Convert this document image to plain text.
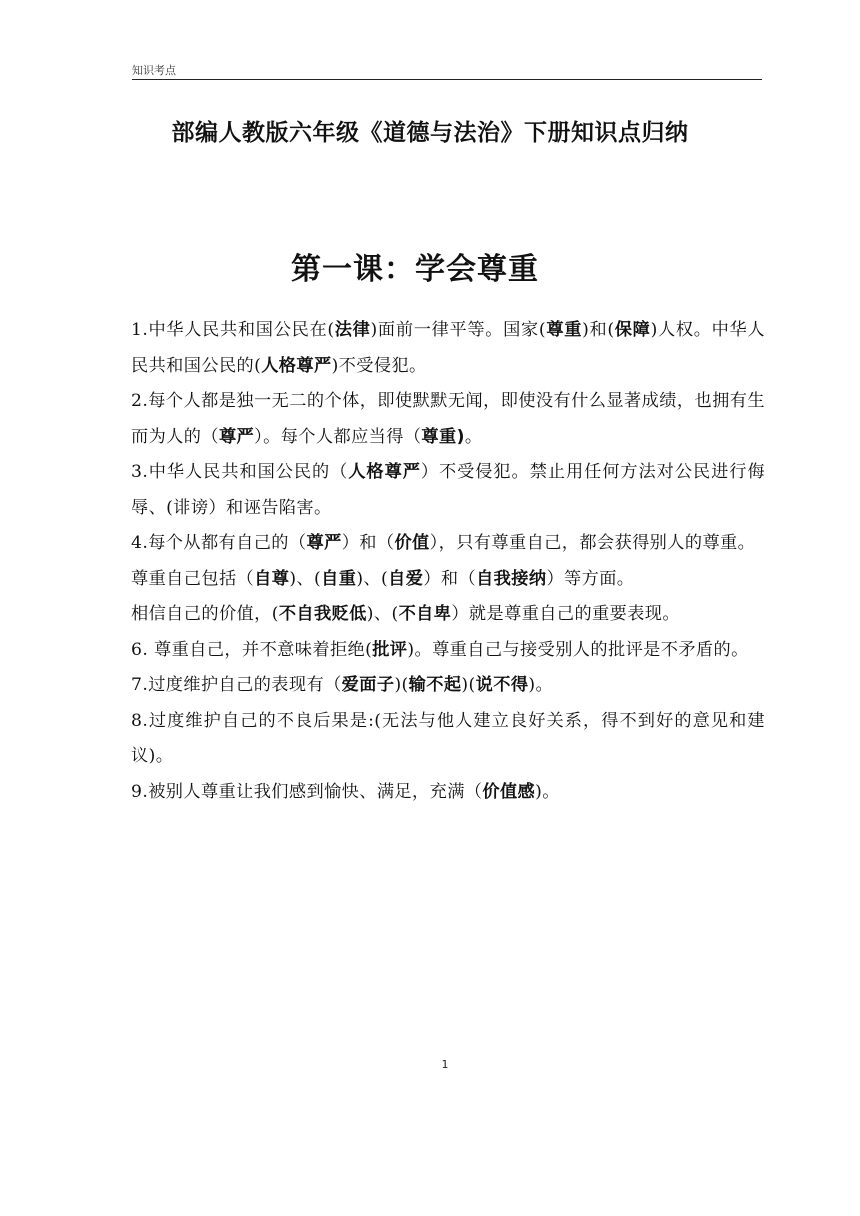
知识考点
部编人教版六年级《道德与法治》下册知识点归纳
第一课：学会尊重

1.中华人民共和国公民在(法律)面前一律平等。国家(尊重)和(保障)人权。中华人民共和国公民的(人格尊严)不受侵犯。

2.每个人都是独一无二的个体，即使默默无闻，即使没有什么显著成绩，也拥有生而为人的（尊严）。每个人都应当得（尊重)。

3.中华人民共和国公民的（人格尊严）不受侵犯。禁止用任何方法对公民进行侮辱、(诽谤）和诬告陷害。

4.每个从都有自己的（尊严）和（价值），只有尊重自己，都会获得别人的尊重。

尊重自己包括（自尊)、(自重)、(自爱）和（自我接纳）等方面。

相信自己的价值，(不自我贬低)、(不自卑）就是尊重自己的重要表现。

6. 尊重自己，并不意味着拒绝(批评)。尊重自己与接受别人的批评是不矛盾的。

7.过度维护自己的表现有（爱面子)(输不起)(说不得)。

8.过度维护自己的不良后果是:(无法与他人建立良好关系，得不到好的意见和建议)。

9.被别人尊重让我们感到愉快、满足，充满（价值感)。

1
